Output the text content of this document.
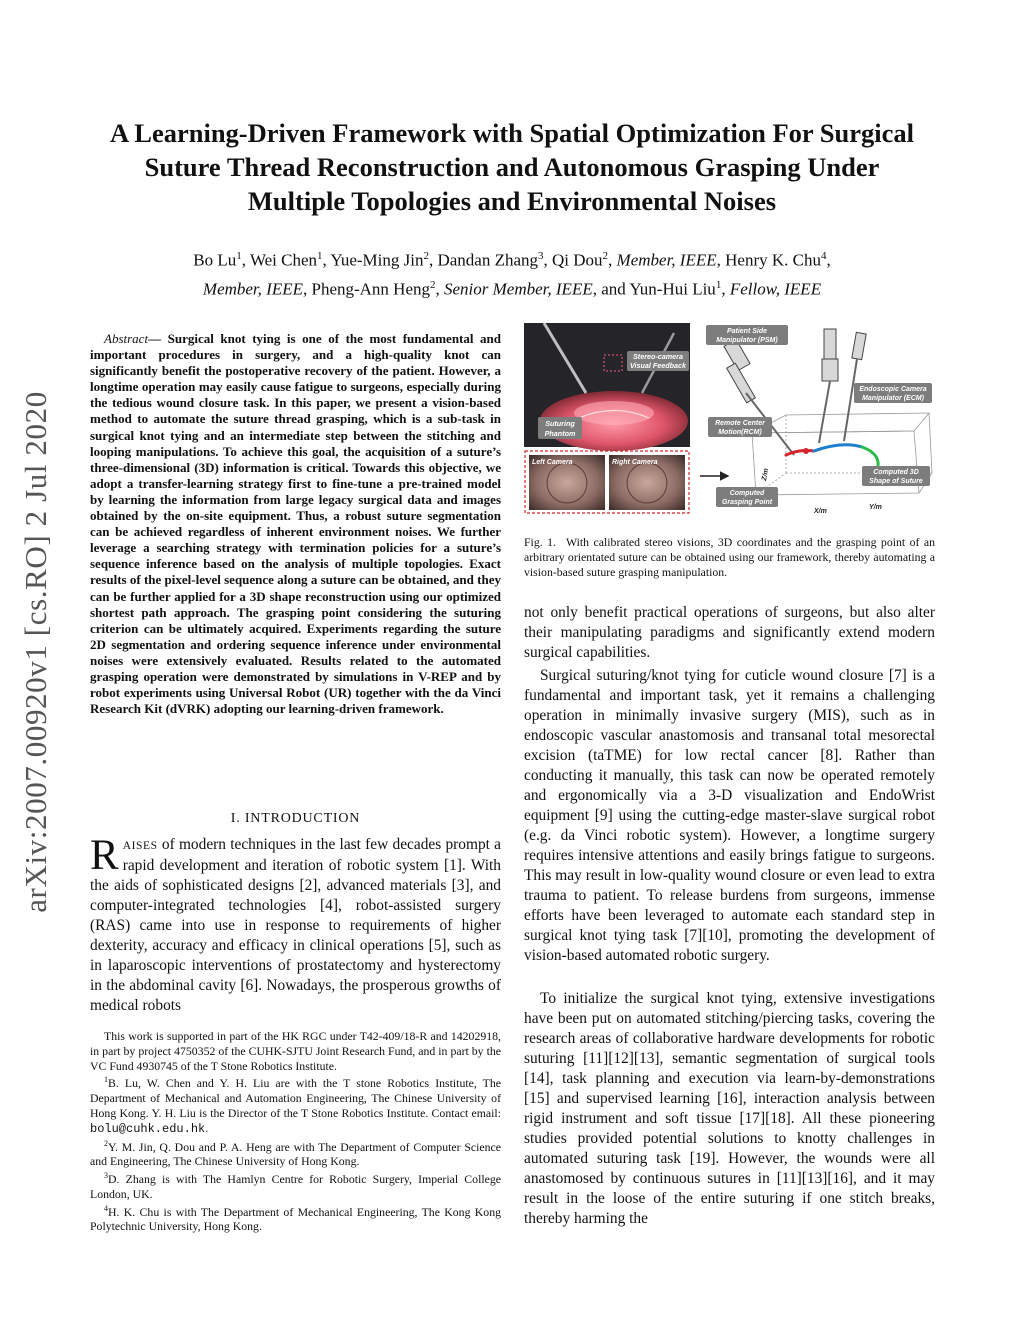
arXiv:2007.00920v1 [cs.RO] 2 Jul 2020
A Learning-Driven Framework with Spatial Optimization For Surgical
Suture Thread Reconstruction and Autonomous Grasping Under
Multiple Topologies and Environmental Noises
Bo Lu$^1$, Wei Chen$^1$, Yue-Ming Jin$^2$, Dandan Zhang$^3$, Qi Dou$^2$, Member, IEEE, Henry K. Chu$^4$,
Member, IEEE, Pheng-Ann Heng$^2$, Senior Member, IEEE, and Yun-Hui Liu$^1$, Fellow, IEEE

Abstract— Surgical knot tying is one of the most fundamental and important procedures in surgery, and a high-quality knot can significantly benefit the postoperative recovery of the patient. However, a longtime operation may easily cause fatigue to surgeons, especially during the tedious wound closure task. In this paper, we present a vision-based method to automate the suture thread grasping, which is a sub-task in surgical knot tying and an intermediate step between the stitching and looping manipulations. To achieve this goal, the acquisition of a suture’s three-dimensional (3D) information is critical. Towards this objective, we adopt a transfer-learning strategy first to fine-tune a pre-trained model by learning the information from large legacy surgical data and images obtained by the on-site equipment. Thus, a robust suture segmentation can be achieved regardless of inherent environment noises. We further leverage a searching strategy with termination policies for a suture’s sequence inference based on the analysis of multiple topologies. Exact results of the pixel-level sequence along a suture can be obtained, and they can be further applied for a 3D shape reconstruction using our optimized shortest path approach. The grasping point considering the suturing criterion can be ultimately acquired. Experiments regarding the suture 2D segmentation and ordering sequence inference under environmental noises were extensively evaluated. Results related to the automated grasping operation were demonstrated by simulations in V-REP and by robot experiments using Universal Robot (UR) together with the da Vinci Research Kit (dVRK) adopting our learning-driven framework.

I. INTRODUCTION

RAISES of modern techniques in the last few decades prompt a rapid development and iteration of robotic system [1]. With the aids of sophisticated designs [2], advanced materials [3], and computer-integrated technologies [4], robot-assisted surgery (RAS) came into use in response to requirements of higher dexterity, accuracy and efficacy in clinical operations [5], such as in laparoscopic interventions of prostatectomy and hysterectomy in the abdominal cavity [6]. Nowadays, the prosperous growths of medical robots

This work is supported in part of the HK RGC under T42-409/18-R and 14202918, in part by project 4750352 of the CUHK-SJTU Joint Research Fund, and in part by the VC Fund 4930745 of the T Stone Robotics Institute.

$^1$B. Lu, W. Chen and Y. H. Liu are with the T stone Robotics Institute, The Department of Mechanical and Automation Engineering, The Chinese University of Hong Kong. Y. H. Liu is the Director of the T Stone Robotics Institute. Contact email: bolu@cuhk.edu.hk.

$^2$Y. M. Jin, Q. Dou and P. A. Heng are with The Department of Computer Science and Engineering, The Chinese University of Hong Kong.

$^3$D. Zhang is with The Hamlyn Centre for Robotic Surgery, Imperial College London, UK.

$^4$H. K. Chu is with The Department of Mechanical Engineering, The Kong Kong Polytechnic University, Hong Kong.

Stereo-camera
Visual Feedback
Suturing
Phantom
Left Camera	Right Camera
Z/m
Y/m
X/m
Patient Side
Manipulator (PSM)
Endoscopic Camera
Manipulator (ECM)
Remote Center
Motion(RCM)
Computed 3D
Shape of Suture
Computed
Grasping Point

Fig. 1. With calibrated stereo visions, 3D coordinates and the grasping point of an arbitrary orientated suture can be obtained using our framework, thereby automating a vision-based suture grasping manipulation.

not only benefit practical operations of surgeons, but also alter their manipulating paradigms and significantly extend modern surgical capabilities.

Surgical suturing/knot tying for cuticle wound closure [7] is a fundamental and important task, yet it remains a challenging operation in minimally invasive surgery (MIS), such as in endoscopic vascular anastomosis and transanal total mesorectal excision (taTME) for low rectal cancer [8]. Rather than conducting it manually, this task can now be operated remotely and ergonomically via a 3-D visualization and EndoWrist equipment [9] using the cutting-edge master-slave surgical robot (e.g. da Vinci robotic system). However, a longtime surgery requires intensive attentions and easily brings fatigue to surgeons. This may result in low-quality wound closure or even lead to extra trauma to patient. To release burdens from surgeons, immense efforts have been leveraged to automate each standard step in surgical knot tying task [7][10], promoting the development of vision-based automated robotic surgery.

To initialize the surgical knot tying, extensive investigations have been put on automated stitching/piercing tasks, covering the research areas of collaborative hardware developments for robotic suturing [11][12][13], semantic segmentation of surgical tools [14], task planning and execution via learn-by-demonstrations [15] and supervised learning [16], interaction analysis between rigid instrument and soft tissue [17][18]. All these pioneering studies provided potential solutions to knotty challenges in automated suturing task [19]. However, the wounds were all anastomosed by continuous sutures in [11][13][16], and it may result in the loose of the entire suturing if one stitch breaks, thereby harming the
